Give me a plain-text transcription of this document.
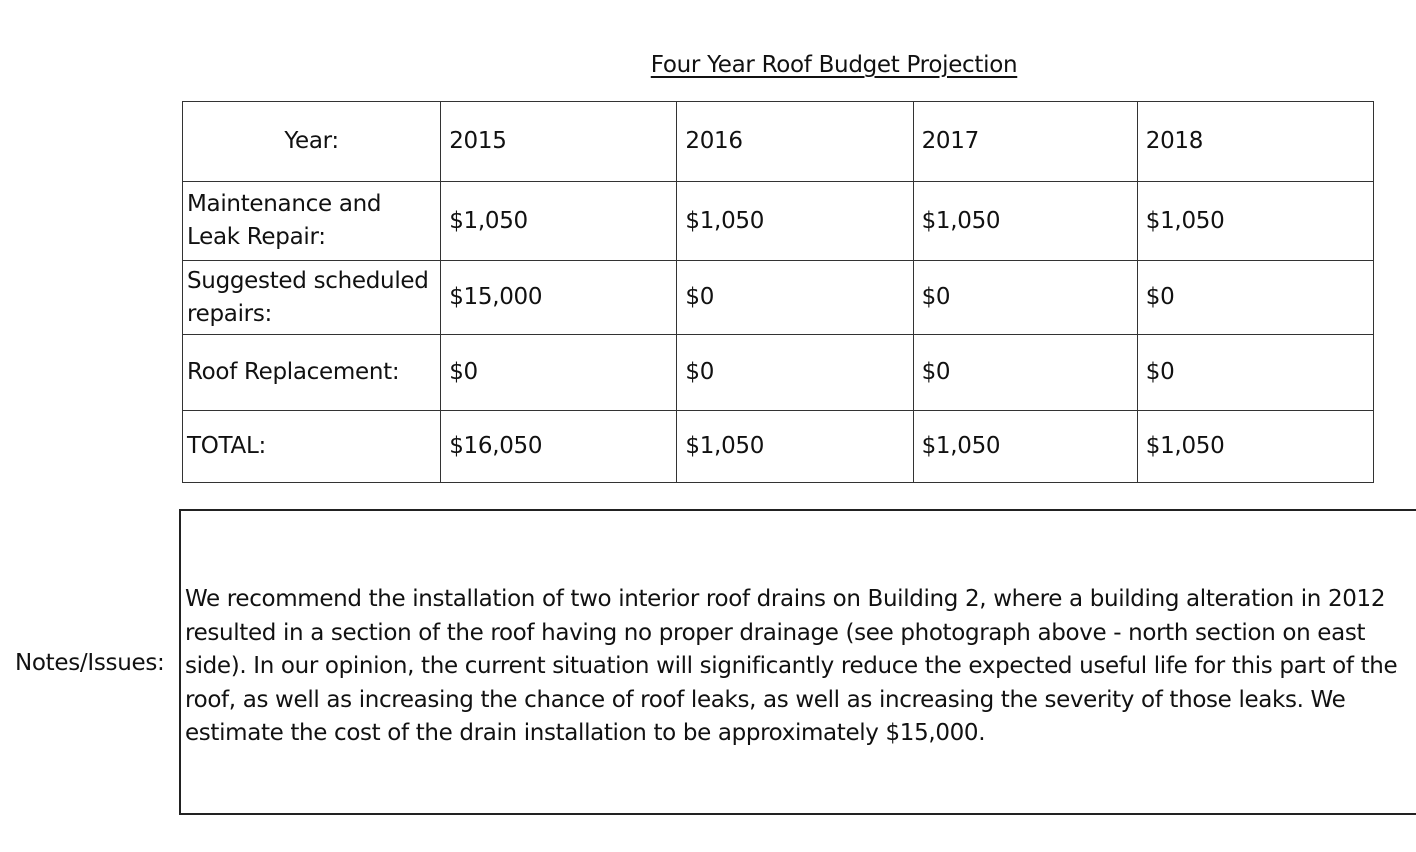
Four Year Roof Budget Projection
Year:	2015	2016	2017	2018
Maintenance and Leak Repair:	$1,050	$1,050	$1,050	$1,050
Suggested scheduled repairs:	$15,000	$0	$0	$0
Roof Replacement:	$0	$0	$0	$0
TOTAL:	$16,050	$1,050	$1,050	$1,050
Notes/Issues:

We recommend the installation of two interior roof drains on Building 2, where a building alteration in 2012 resulted in a section of the roof having no proper drainage (see photograph above - north section on east side). In our opinion, the current situation will significantly reduce the expected useful life for this part of the roof, as well as increasing the chance of roof leaks, as well as increasing the severity of those leaks. We estimate the cost of the drain installation to be approximately $15,000.
